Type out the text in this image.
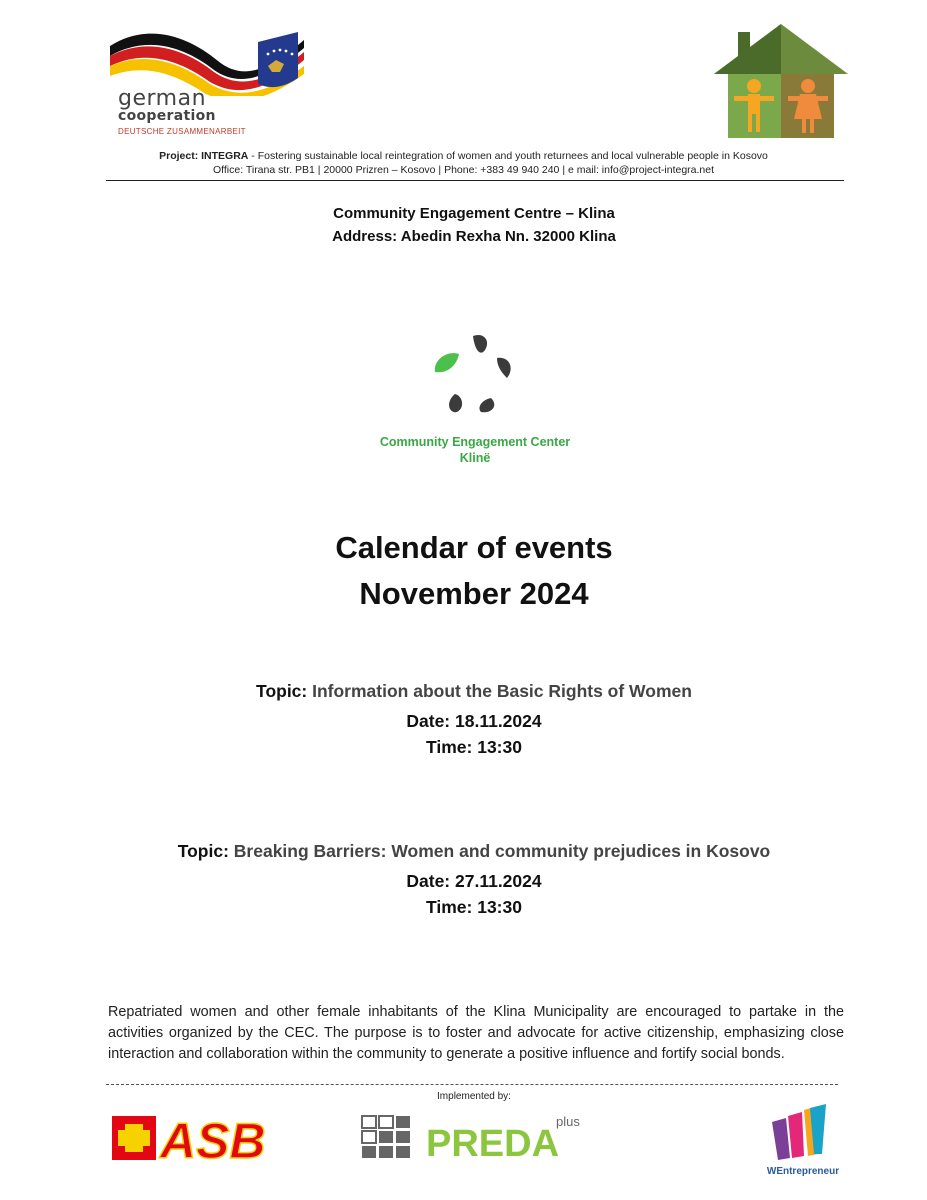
german
cooperation
DEUTSCHE ZUSAMMENARBEIT
Project: INTEGRA - Fostering sustainable local reintegration of women and youth returnees and local vulnerable people in Kosovo
Office: Tirana str. PB1 | 20000 Prizren – Kosovo | Phone: +383 49 940 240 | e mail: info@project-integra.net
Community Engagement Centre – Klina
Address: Abedin Rexha Nn. 32000 Klina
Community Engagement Center
Klinë
Calendar of events
November 2024
Topic: Information about the Basic Rights of Women
Date: 18.11.2024
Time: 13:30
Topic: Breaking Barriers: Women and community prejudices in Kosovo
Date: 27.11.2024
Time: 13:30
Repatriated women and other female inhabitants of the Klina Municipality are encouraged to partake in the activities organized by the CEC. The purpose is to foster and advocate for active citizenship, emphasizing close interaction and collaboration within the community to generate a positive influence and fortify social bonds.
Implemented by:
ASB	PREDA
plus
WEntrepreneur
